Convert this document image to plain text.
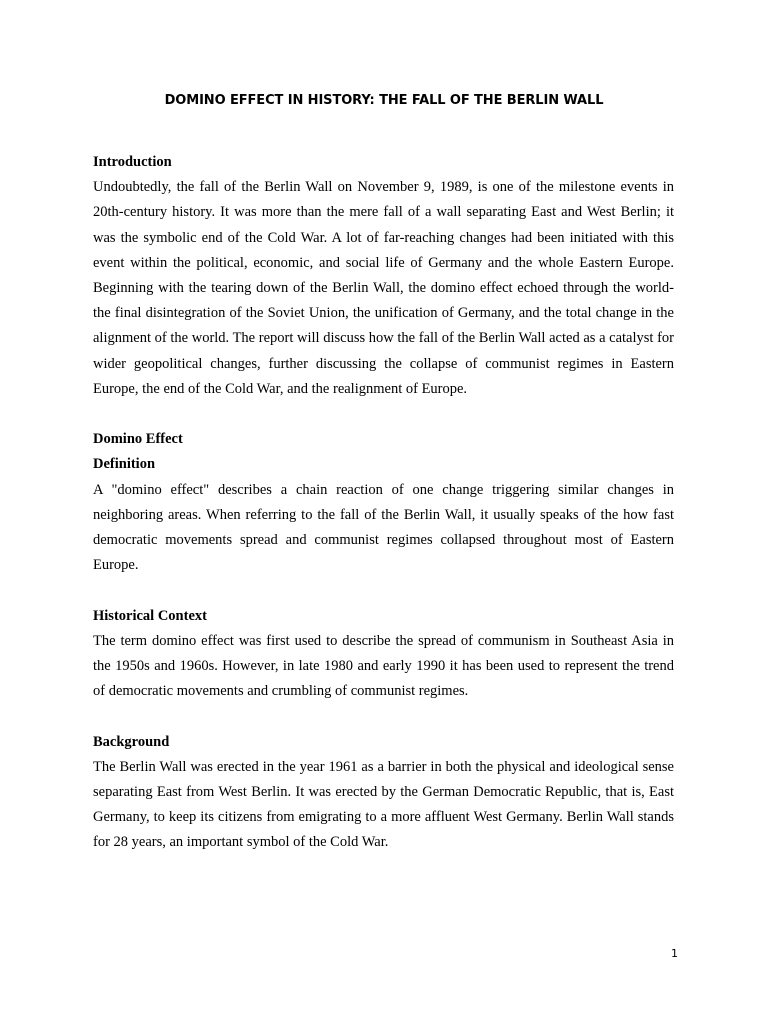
DOMINO EFFECT IN HISTORY: THE FALL OF THE BERLIN WALL

Introduction

Undoubtedly, the fall of the Berlin Wall on November 9, 1989, is one of the milestone events in 20th-century history. It was more than the mere fall of a wall separating East and West Berlin; it was the symbolic end of the Cold War. A lot of far-reaching changes had been initiated with this event within the political, economic, and social life of Germany and the whole Eastern Europe. Beginning with the tearing down of the Berlin Wall, the domino effect echoed through the world-the final disintegration of the Soviet Union, the unification of Germany, and the total change in the alignment of the world. The report will discuss how the fall of the Berlin Wall acted as a catalyst for wider geopolitical changes, further discussing the collapse of communist regimes in Eastern Europe, the end of the Cold War, and the realignment of Europe.

Domino Effect

Definition

A "domino effect" describes a chain reaction of one change triggering similar changes in neighboring areas. When referring to the fall of the Berlin Wall, it usually speaks of the how fast democratic movements spread and communist regimes collapsed throughout most of Eastern Europe.

Historical Context

The term domino effect was first used to describe the spread of communism in Southeast Asia in the 1950s and 1960s. However, in late 1980 and early 1990 it has been used to represent the trend of democratic movements and crumbling of communist regimes.

Background

The Berlin Wall was erected in the year 1961 as a barrier in both the physical and ideological sense separating East from West Berlin. It was erected by the German Democratic Republic, that is, East Germany, to keep its citizens from emigrating to a more affluent West Germany. Berlin Wall stands for 28 years, an important symbol of the Cold War.

1
